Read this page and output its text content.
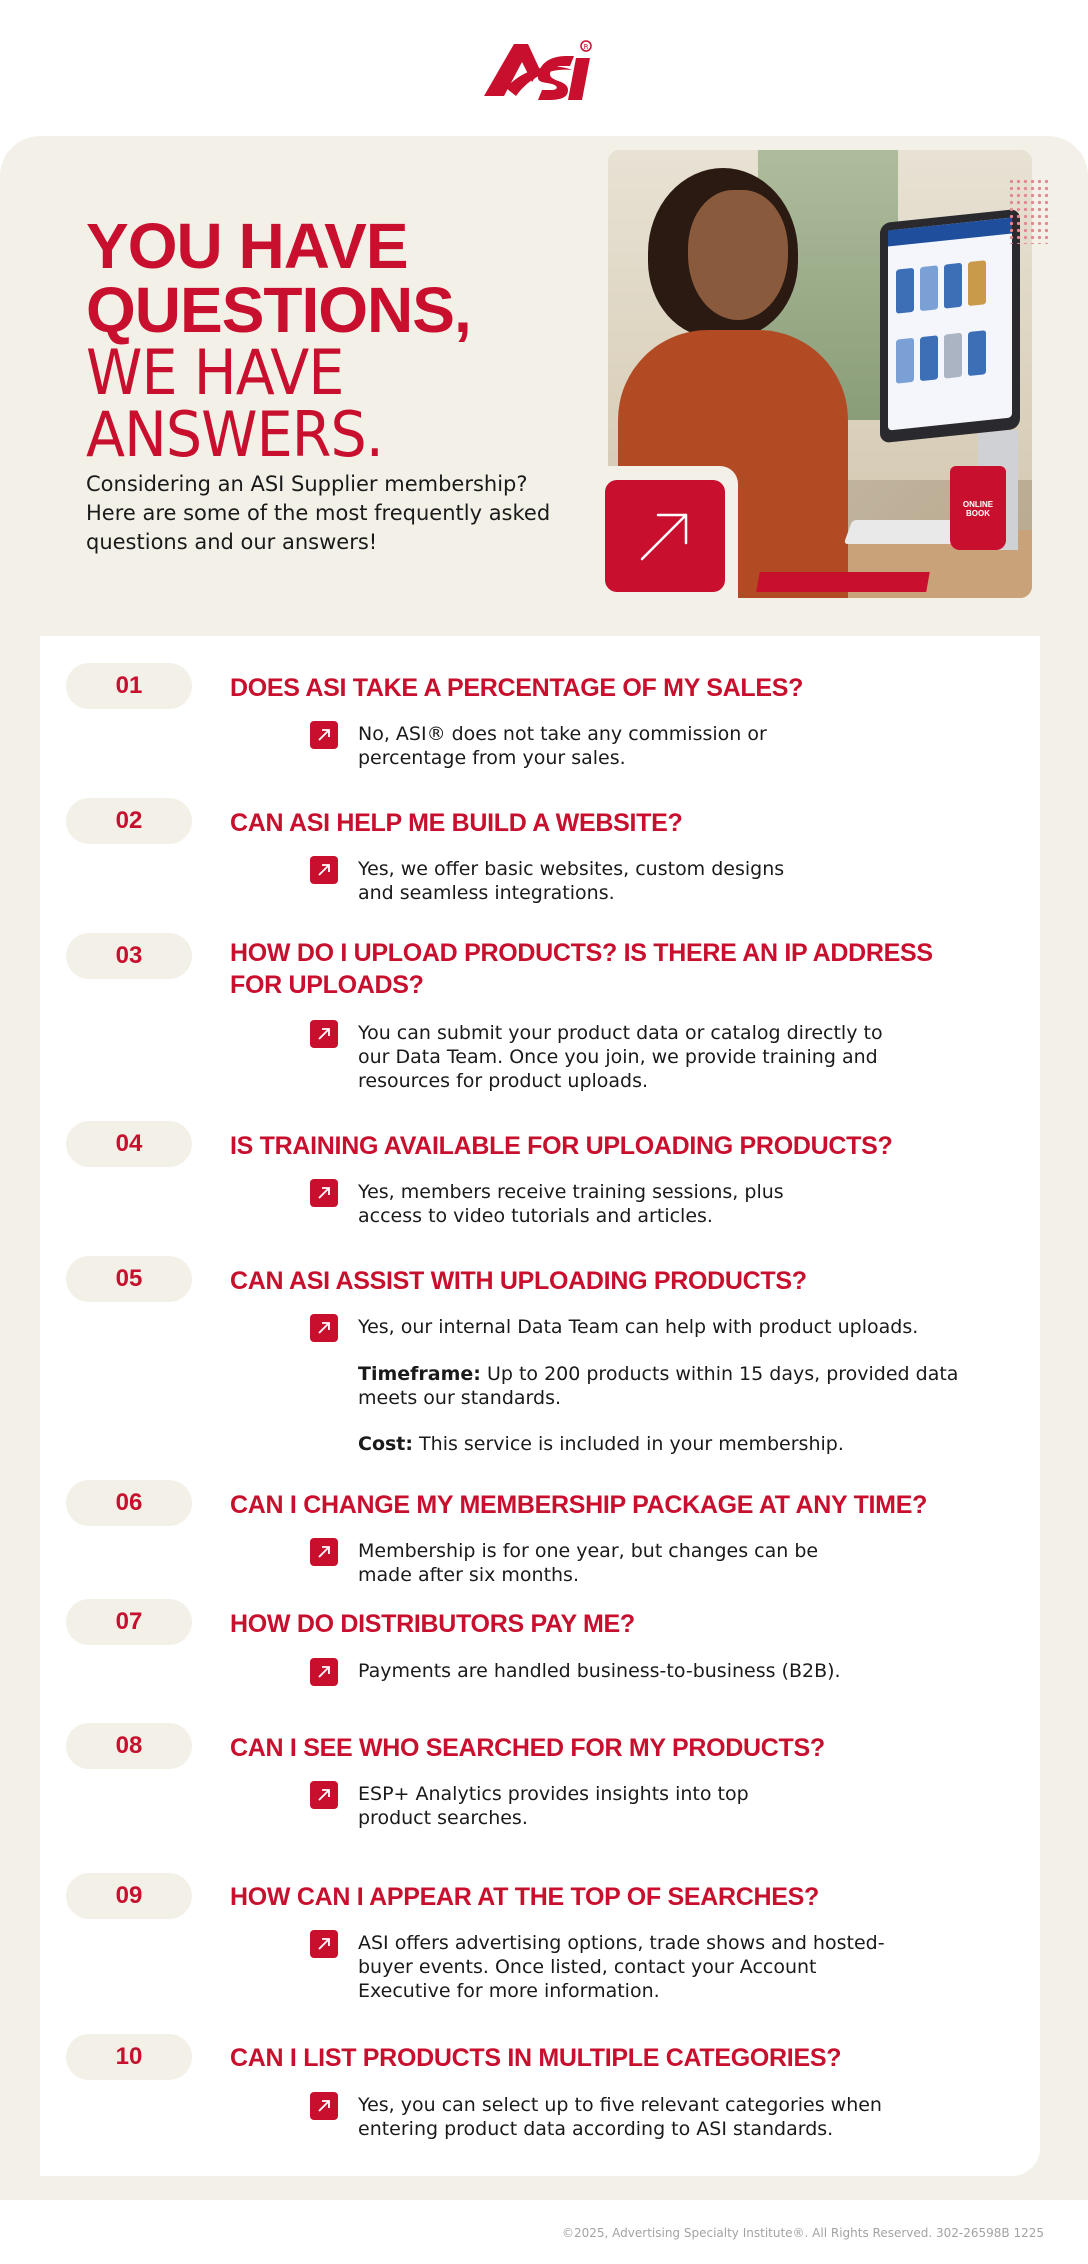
R
YOU HAVE
QUESTIONS,
WE HAVE
ANSWERS.

Considering an ASI Supplier membership? Here are some of the most frequently asked questions and our answers!

ONLINE BOOK
01	DOES ASI TAKE A PERCENTAGE OF MY SALES?
No, ASI® does not take any commission or
percentage from your sales.
02	CAN ASI HELP ME BUILD A WEBSITE?
Yes, we offer basic websites, custom designs
and seamless integrations.
03	HOW DO I UPLOAD PRODUCTS? IS THERE AN IP ADDRESS
FOR UPLOADS?
You can submit your product data or catalog directly to
our Data Team. Once you join, we provide training and
resources for product uploads.
04	IS TRAINING AVAILABLE FOR UPLOADING PRODUCTS?
Yes, members receive training sessions, plus
access to video tutorials and articles.
05	CAN ASI ASSIST WITH UPLOADING PRODUCTS?
Yes, our internal Data Team can help with product uploads.
Timeframe: Up to 200 products within 15 days, provided data
meets our standards.
Cost: This service is included in your membership.
06	CAN I CHANGE MY MEMBERSHIP PACKAGE AT ANY TIME?
Membership is for one year, but changes can be
made after six months.
07	HOW DO DISTRIBUTORS PAY ME?
Payments are handled business-to-business (B2B).
08	CAN I SEE WHO SEARCHED FOR MY PRODUCTS?
ESP+ Analytics provides insights into top
product searches.
09	HOW CAN I APPEAR AT THE TOP OF SEARCHES?
ASI offers advertising options, trade shows and hosted-
buyer events. Once listed, contact your Account
Executive for more information.
10	CAN I LIST PRODUCTS IN MULTIPLE CATEGORIES?
Yes, you can select up to five relevant categories when
entering product data according to ASI standards.
©2025, Advertising Specialty Institute®. All Rights Reserved. 302-26598B 1225
